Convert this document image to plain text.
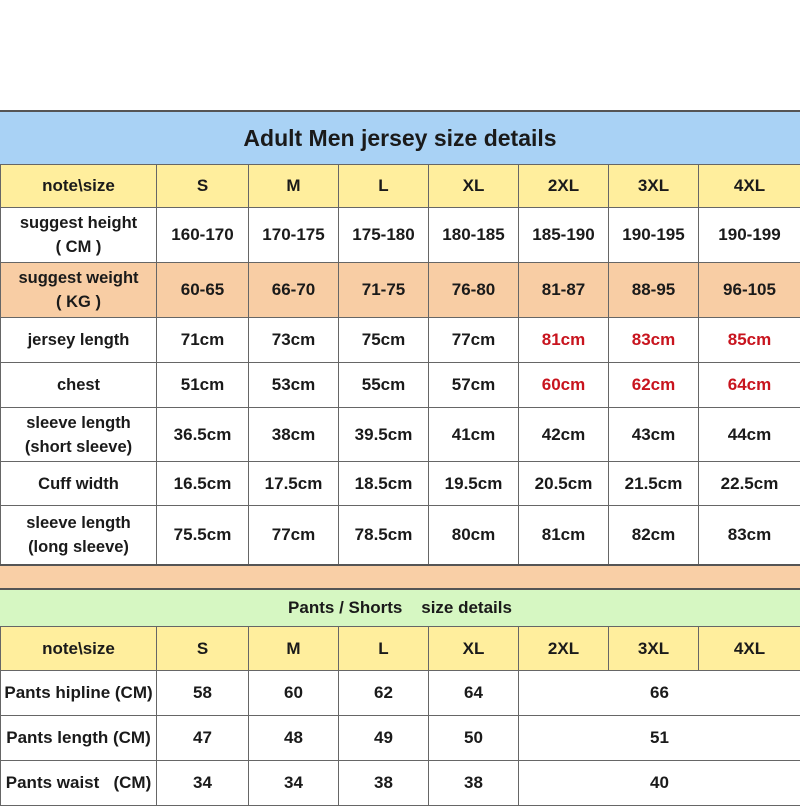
Adult Men jersey size details
note\size	S	M	L	XL	2XL	3XL	4XL

suggest height
( CM )	160-170	170-175	175-180	180-185	185-190	190-195	190-199

suggest weight
( KG )	60-65	66-70	71-75	76-80	81-87	88-95	96-105
jersey length	71cm	73cm	75cm	77cm	81cm	83cm	85cm
chest	51cm	53cm	55cm	57cm	60cm	62cm	64cm

sleeve length
(short sleeve)	36.5cm	38cm	39.5cm	41cm	42cm	43cm	44cm
Cuff width	16.5cm	17.5cm	18.5cm	19.5cm	20.5cm	21.5cm	22.5cm

sleeve length
(long sleeve)	75.5cm	77cm	78.5cm	80cm	81cm	82cm	83cm
Pants / Shorts    size details
note\size	S	M	L	XL	2XL	3XL	4XL
Pants hipline (CM)	58	60	62	64	66		
Pants length (CM)	47	48	49	50	51		
Pants waist   (CM)	34	34	38	38	40		
